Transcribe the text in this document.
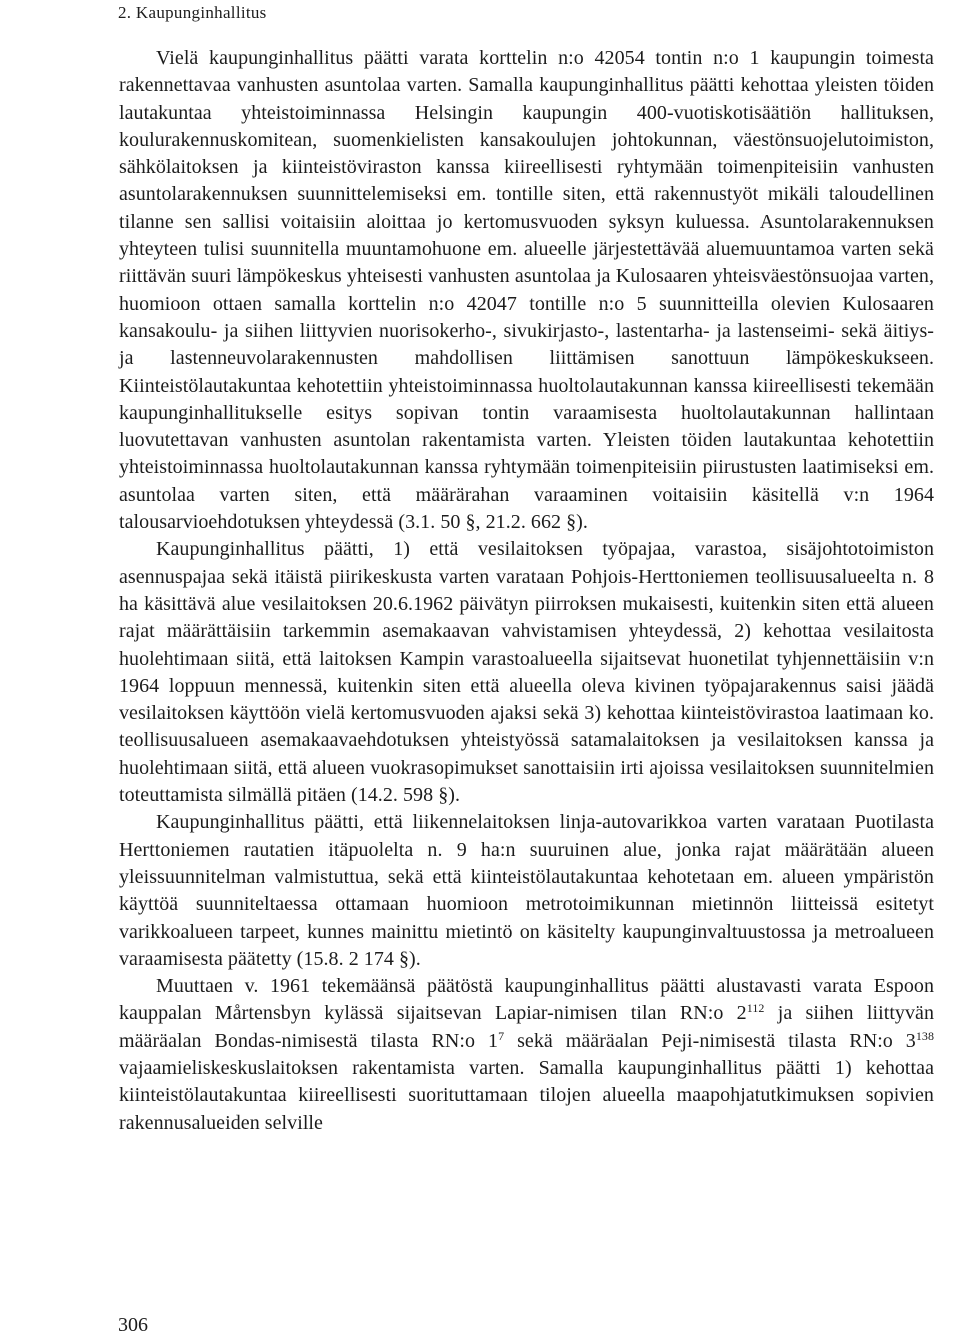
2. Kaupunginhallitus

Vielä kaupunginhallitus päätti varata korttelin n:o 42054 tontin n:o 1 kaupungin toimesta rakennettavaa vanhusten asuntolaa varten. Samalla kaupunginhallitus päätti kehottaa yleisten töiden lautakuntaa yhteistoiminnassa Helsingin kaupungin 400-vuotiskotisäätiön hallituksen, koulurakennuskomitean, suomenkielisten kansakoulujen johtokunnan, väestönsuojelutoimiston, sähkölaitoksen ja kiinteistöviraston kanssa kiireellisesti ryhtymään toimenpiteisiin vanhusten asuntolarakennuksen suunnittelemiseksi em. tontille siten, että rakennustyöt mikäli taloudellinen tilanne sen sallisi voitaisiin aloittaa jo kertomusvuoden syksyn kuluessa. Asuntolarakennuksen yhteyteen tulisi suunnitella muuntamohuone em. alueelle järjestettävää aluemuuntamoa varten sekä riittävän suuri lämpökeskus yhteisesti vanhusten asuntolaa ja Kulosaaren yhteisväestönsuojaa varten, huomioon ottaen samalla korttelin n:o 42047 tontille n:o 5 suunnitteilla olevien Kulosaaren kansakoulu- ja siihen liittyvien nuorisokerho-, sivukirjasto-, lastentarha- ja lastenseimi- sekä äitiys- ja lastenneuvolarakennusten mahdollisen liittämisen sanottuun lämpökeskukseen. Kiinteistölautakuntaa kehotettiin yhteistoiminnassa huoltolautakunnan kanssa kiireellisesti tekemään kaupunginhallitukselle esitys sopivan tontin varaamisesta huoltolautakunnan hallintaan luovutettavan vanhusten asuntolan rakentamista varten. Yleisten töiden lautakuntaa kehotettiin yhteistoiminnassa huoltolautakunnan kanssa ryhtymään toimenpiteisiin piirustusten laatimiseksi em. asuntolaa varten siten, että määrärahan varaaminen voitaisiin käsitellä v:n 1964 talousarvioehdotuksen yhteydessä (3.1. 50 §, 21.2. 662 §).

Kaupunginhallitus päätti, 1) että vesilaitoksen työpajaa, varastoa, sisäjohtotoimiston asennuspajaa sekä itäistä piirikeskusta varten varataan Pohjois-Herttoniemen teollisuusalueelta n. 8 ha käsittävä alue vesilaitoksen 20.6.1962 päivätyn piirroksen mukaisesti, kuitenkin siten että alueen rajat määrättäisiin tarkemmin asemakaavan vahvistamisen yhteydessä, 2) kehottaa vesilaitosta huolehtimaan siitä, että laitoksen Kampin varastoalueella sijaitsevat huonetilat tyhjennettäisiin v:n 1964 loppuun mennessä, kuitenkin siten että alueella oleva kivinen työpajarakennus saisi jäädä vesilaitoksen käyttöön vielä kertomusvuoden ajaksi sekä 3) kehottaa kiinteistövirastoa laatimaan ko. teollisuusalueen asemakaavaehdotuksen yhteistyössä satamalaitoksen ja vesilaitoksen kanssa ja huolehtimaan siitä, että alueen vuokrasopimukset sanottaisiin irti ajoissa vesilaitoksen suunnitelmien toteuttamista silmällä pitäen (14.2. 598 §).

Kaupunginhallitus päätti, että liikennelaitoksen linja-autovarikkoa varten varataan Puotilasta Herttoniemen rautatien itäpuolelta n. 9 ha:n suuruinen alue, jonka rajat määrätään alueen yleissuunnitelman valmistuttua, sekä että kiinteistölautakuntaa kehotetaan em. alueen ympäristön käyttöä suunniteltaessa ottamaan huomioon metrotoimikunnan mietinnön liitteissä esitetyt varikkoalueen tarpeet, kunnes mainittu mietintö on käsitelty kaupunginvaltuustossa ja metroalueen varaamisesta päätetty (15.8. 2 174 §).

Muuttaen v. 1961 tekemäänsä päätöstä kaupunginhallitus päätti alustavasti varata Espoon kauppalan Mårtensbyn kylässä sijaitsevan Lapiar-nimisen tilan RN:o $2^{112}$ ja siihen liittyvän määräalan Bondas-nimisestä tilasta RN:o $1^7$ sekä määräalan Peji-nimisestä tilasta RN:o $3^{138}$ vajaamieliskeskuslaitoksen rakentamista varten. Samalla kaupunginhallitus päätti 1) kehottaa kiinteistölautakuntaa kiireellisesti suorituttamaan tilojen alueella maapohjatutkimuksen sopivien rakennusalueiden selville

306
